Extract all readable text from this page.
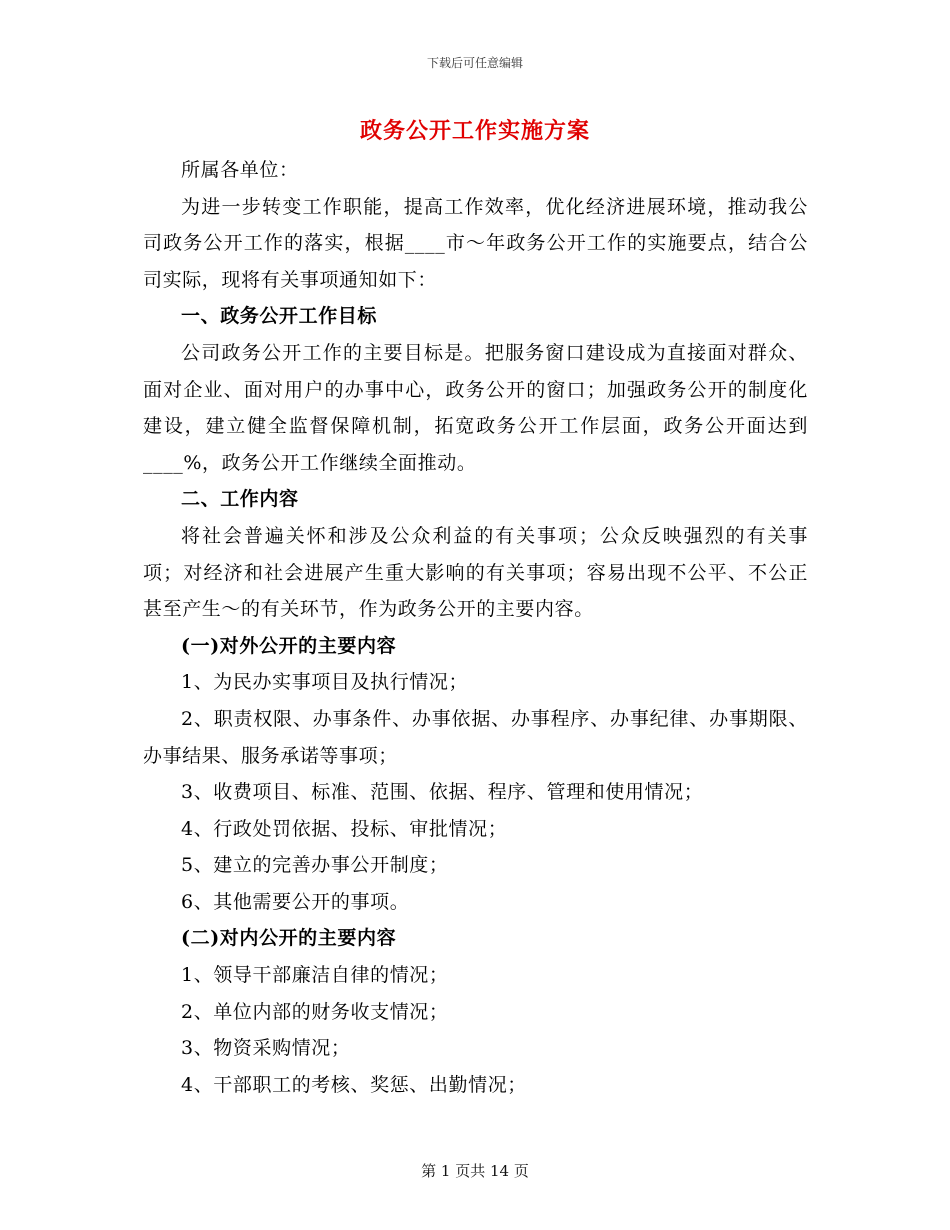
下载后可任意编辑
政务公开工作实施方案

所属各单位：

为进一步转变工作职能，提高工作效率，优化经济进展环境，推动我公司政务公开工作的落实，根据____市～年政务公开工作的实施要点，结合公司实际，现将有关事项通知如下：

一、政务公开工作目标

公司政务公开工作的主要目标是。把服务窗口建设成为直接面对群众、面对企业、面对用户的办事中心，政务公开的窗口；加强政务公开的制度化建设，建立健全监督保障机制，拓宽政务公开工作层面，政务公开面达到____%，政务公开工作继续全面推动。

二、工作内容

将社会普遍关怀和涉及公众利益的有关事项；公众反映强烈的有关事项；对经济和社会进展产生重大影响的有关事项；容易出现不公平、不公正甚至产生～的有关环节，作为政务公开的主要内容。

(一)对外公开的主要内容

1、为民办实事项目及执行情况；

2、职责权限、办事条件、办事依据、办事程序、办事纪律、办事期限、办事结果、服务承诺等事项；

3、收费项目、标准、范围、依据、程序、管理和使用情况；

4、行政处罚依据、投标、审批情况；

5、建立的完善办事公开制度；

6、其他需要公开的事项。

(二)对内公开的主要内容

1、领导干部廉洁自律的情况；

2、单位内部的财务收支情况；

3、物资采购情况；

4、干部职工的考核、奖惩、出勤情况；

第 1 页共 14 页
